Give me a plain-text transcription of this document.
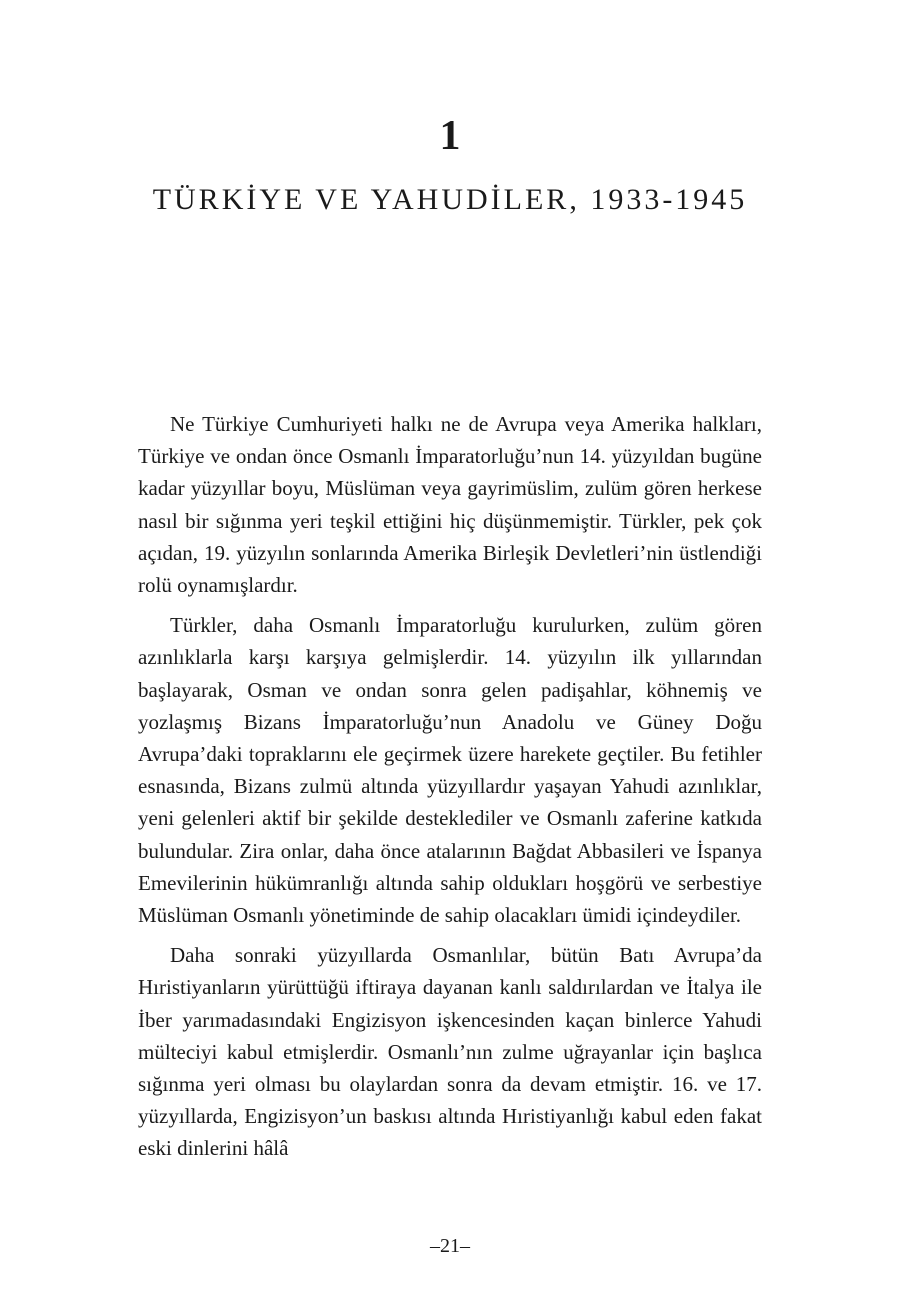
1
TÜRKİYE VE YAHUDİLER, 1933-1945

Ne Türkiye Cumhuriyeti halkı ne de Avrupa veya Amerika halkları, Türkiye ve ondan önce Osmanlı İmparatorluğu’nun 14. yüzyıldan bugüne kadar yüzyıllar boyu, Müslüman veya gayrimüslim, zulüm gören herkese nasıl bir sığınma yeri teşkil ettiğini hiç düşünmemiştir. Türkler, pek çok açıdan, 19. yüzyılın sonlarında Amerika Birleşik Devletleri’nin üstlendiği rolü oynamışlardır.

Türkler, daha Osmanlı İmparatorluğu kurulurken, zulüm gören azınlıklarla karşı karşıya gelmişlerdir. 14. yüzyılın ilk yıllarından başlayarak, Osman ve ondan sonra gelen padişahlar, köhnemiş ve yozlaşmış Bizans İmparatorluğu’nun Anadolu ve Güney Doğu Avrupa’daki topraklarını ele geçirmek üzere harekete geçtiler. Bu fetihler esnasında, Bizans zulmü altında yüzyıllardır yaşayan Yahudi azınlıklar, yeni gelenleri aktif bir şekilde desteklediler ve Osmanlı zaferine katkıda bulundular. Zira onlar, daha önce atalarının Bağdat Abbasileri ve İspanya Emevilerinin hükümranlığı altında sahip oldukları hoşgörü ve serbestiye Müslüman Osmanlı yönetiminde de sahip olacakları ümidi içindeydiler.

Daha sonraki yüzyıllarda Osmanlılar, bütün Batı Avrupa’da Hıristiyanların yürüttüğü iftiraya dayanan kanlı saldırılardan ve İtalya ile İber yarımadasındaki Engizisyon işkencesinden kaçan binlerce Yahudi mülteciyi kabul etmişlerdir. Osmanlı’nın zulme uğrayanlar için başlıca sığınma yeri olması bu olaylardan sonra da devam etmiştir. 16. ve 17. yüzyıllarda, Engizisyon’un baskısı altında Hıristiyanlığı kabul eden fakat eski dinlerini hâlâ

–21–
